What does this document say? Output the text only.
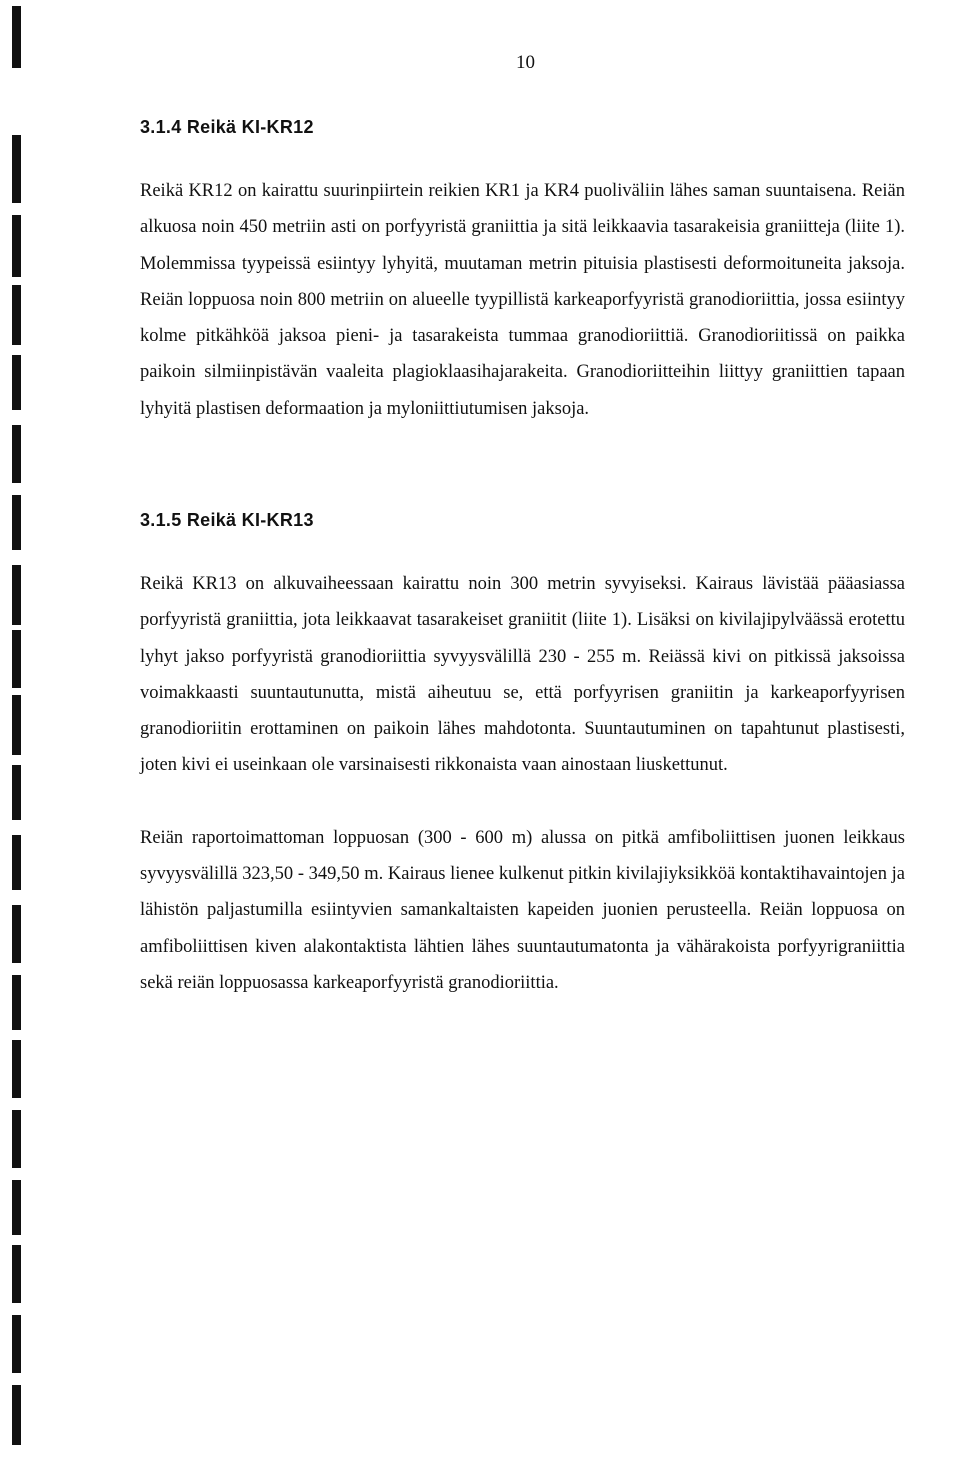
10
3.1.4 Reikä KI-KR12

Reikä KR12 on kairattu suurinpiirtein reikien KR1 ja KR4 puoliväliin lähes saman suuntaisena. Reiän alkuosa noin 450 metriin asti on porfyyristä graniittia ja sitä leikkaavia tasarakeisia graniitteja (liite 1). Molemmissa tyypeissä esiintyy lyhyitä, muutaman metrin pituisia plastisesti deformoituneita jaksoja. Reiän loppuosa noin 800 metriin on alueelle tyypillistä karkeaporfyyristä granodioriittia, jossa esiintyy kolme pitkähköä jaksoa pieni- ja tasarakeista tummaa granodioriittiä. Granodioriitissä on paikka paikoin silmiinpistävän vaaleita plagioklaasihajarakeita. Granodioriitteihin liittyy graniittien tapaan lyhyitä plastisen deformaation ja myloniittiutumisen jaksoja.

3.1.5 Reikä KI-KR13

Reikä KR13 on alkuvaiheessaan kairattu noin 300 metrin syvyiseksi. Kairaus lävistää pääasiassa porfyyristä graniittia, jota leikkaavat tasarakeiset graniitit (liite 1). Lisäksi on kivilajipylväässä erotettu lyhyt jakso porfyyristä granodioriittia syvyysvälillä 230 - 255 m. Reiässä kivi on pitkissä jaksoissa voimakkaasti suuntautunutta, mistä aiheutuu se, että porfyyrisen graniitin ja karkeaporfyyrisen granodioriitin erottaminen on paikoin lähes mahdotonta. Suuntautuminen on tapahtunut plastisesti, joten kivi ei useinkaan ole varsinaisesti rikkonaista vaan ainostaan liuskettunut.

Reiän raportoimattoman loppuosan (300 - 600 m) alussa on pitkä amfiboliittisen juonen leikkaus syvyysvälillä 323,50 - 349,50 m. Kairaus lienee kulkenut pitkin kivilajiyksikköä kontaktihavaintojen ja lähistön paljastumilla esiintyvien samankaltaisten kapeiden juonien perusteella. Reiän loppuosa on amfiboliittisen kiven alakontaktista lähtien lähes suuntautumatonta ja vähärakoista porfyyrigraniittia sekä reiän loppuosassa karkeaporfyyristä granodioriittia.
